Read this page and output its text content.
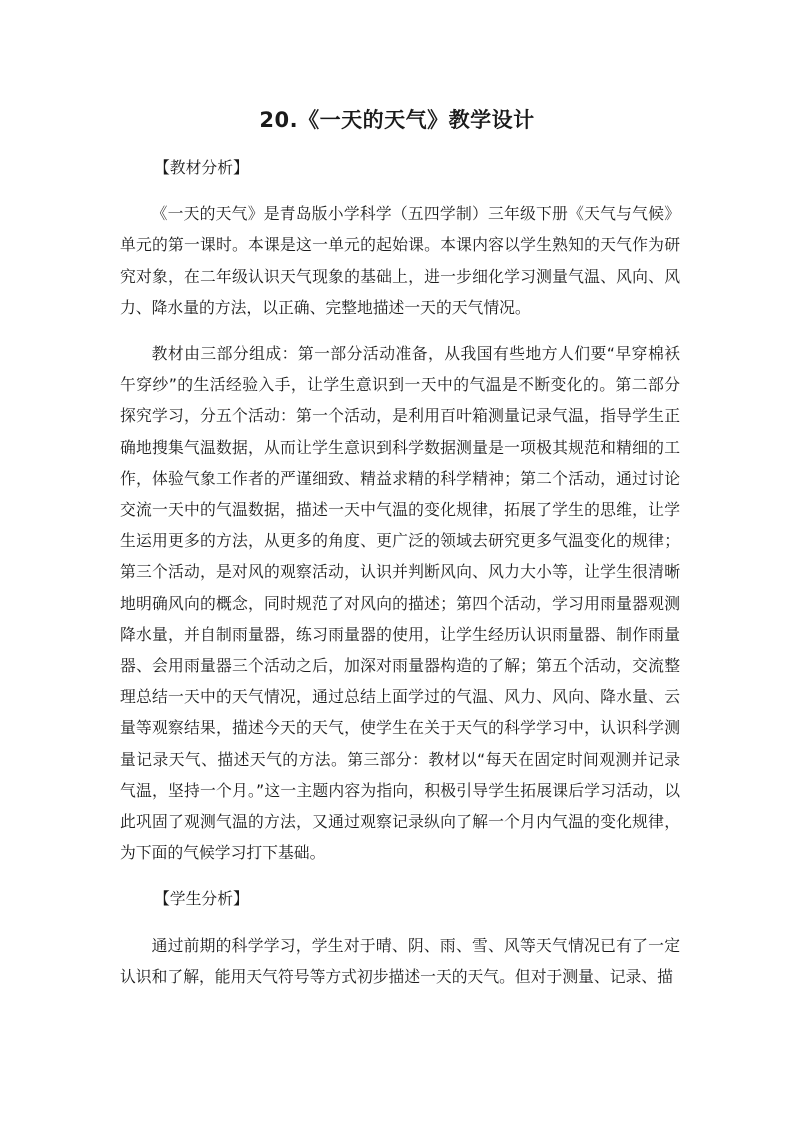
20.《一天的天气》教学设计

【教材分析】

《一天的天气》是青岛版小学科学（五四学制）三年级下册《天气与气候》单元的第一课时。本课是这一单元的起始课。本课内容以学生熟知的天气作为研究对象，在二年级认识天气现象的基础上，进一步细化学习测量气温、风向、风力、降水量的方法，以正确、完整地描述一天的天气情况。

教材由三部分组成：第一部分活动准备，从我国有些地方人们要“早穿棉袄午穿纱”的生活经验入手，让学生意识到一天中的气温是不断变化的。第二部分探究学习，分五个活动：第一个活动，是利用百叶箱测量记录气温，指导学生正确地搜集气温数据，从而让学生意识到科学数据测量是一项极其规范和精细的工作，体验气象工作者的严谨细致、精益求精的科学精神；第二个活动，通过讨论交流一天中的气温数据，描述一天中气温的变化规律，拓展了学生的思维，让学生运用更多的方法，从更多的角度、更广泛的领域去研究更多气温变化的规律；第三个活动，是对风的观察活动，认识并判断风向、风力大小等，让学生很清晰地明确风向的概念，同时规范了对风向的描述；第四个活动，学习用雨量器观测降水量，并自制雨量器，练习雨量器的使用，让学生经历认识雨量器、制作雨量器、会用雨量器三个活动之后，加深对雨量器构造的了解；第五个活动，交流整理总结一天中的天气情况，通过总结上面学过的气温、风力、风向、降水量、云量等观察结果，描述今天的天气，使学生在关于天气的科学学习中，认识科学测量记录天气、描述天气的方法。第三部分：教材以“每天在固定时间观测并记录气温，坚持一个月。”这一主题内容为指向，积极引导学生拓展课后学习活动，以此巩固了观测气温的方法，又通过观察记录纵向了解一个月内气温的变化规律，为下面的气候学习打下基础。

【学生分析】

通过前期的科学学习，学生对于晴、阴、雨、雪、风等天气情况已有了一定认识和了解，能用天气符号等方式初步描述一天的天气。但对于测量、记录、描
